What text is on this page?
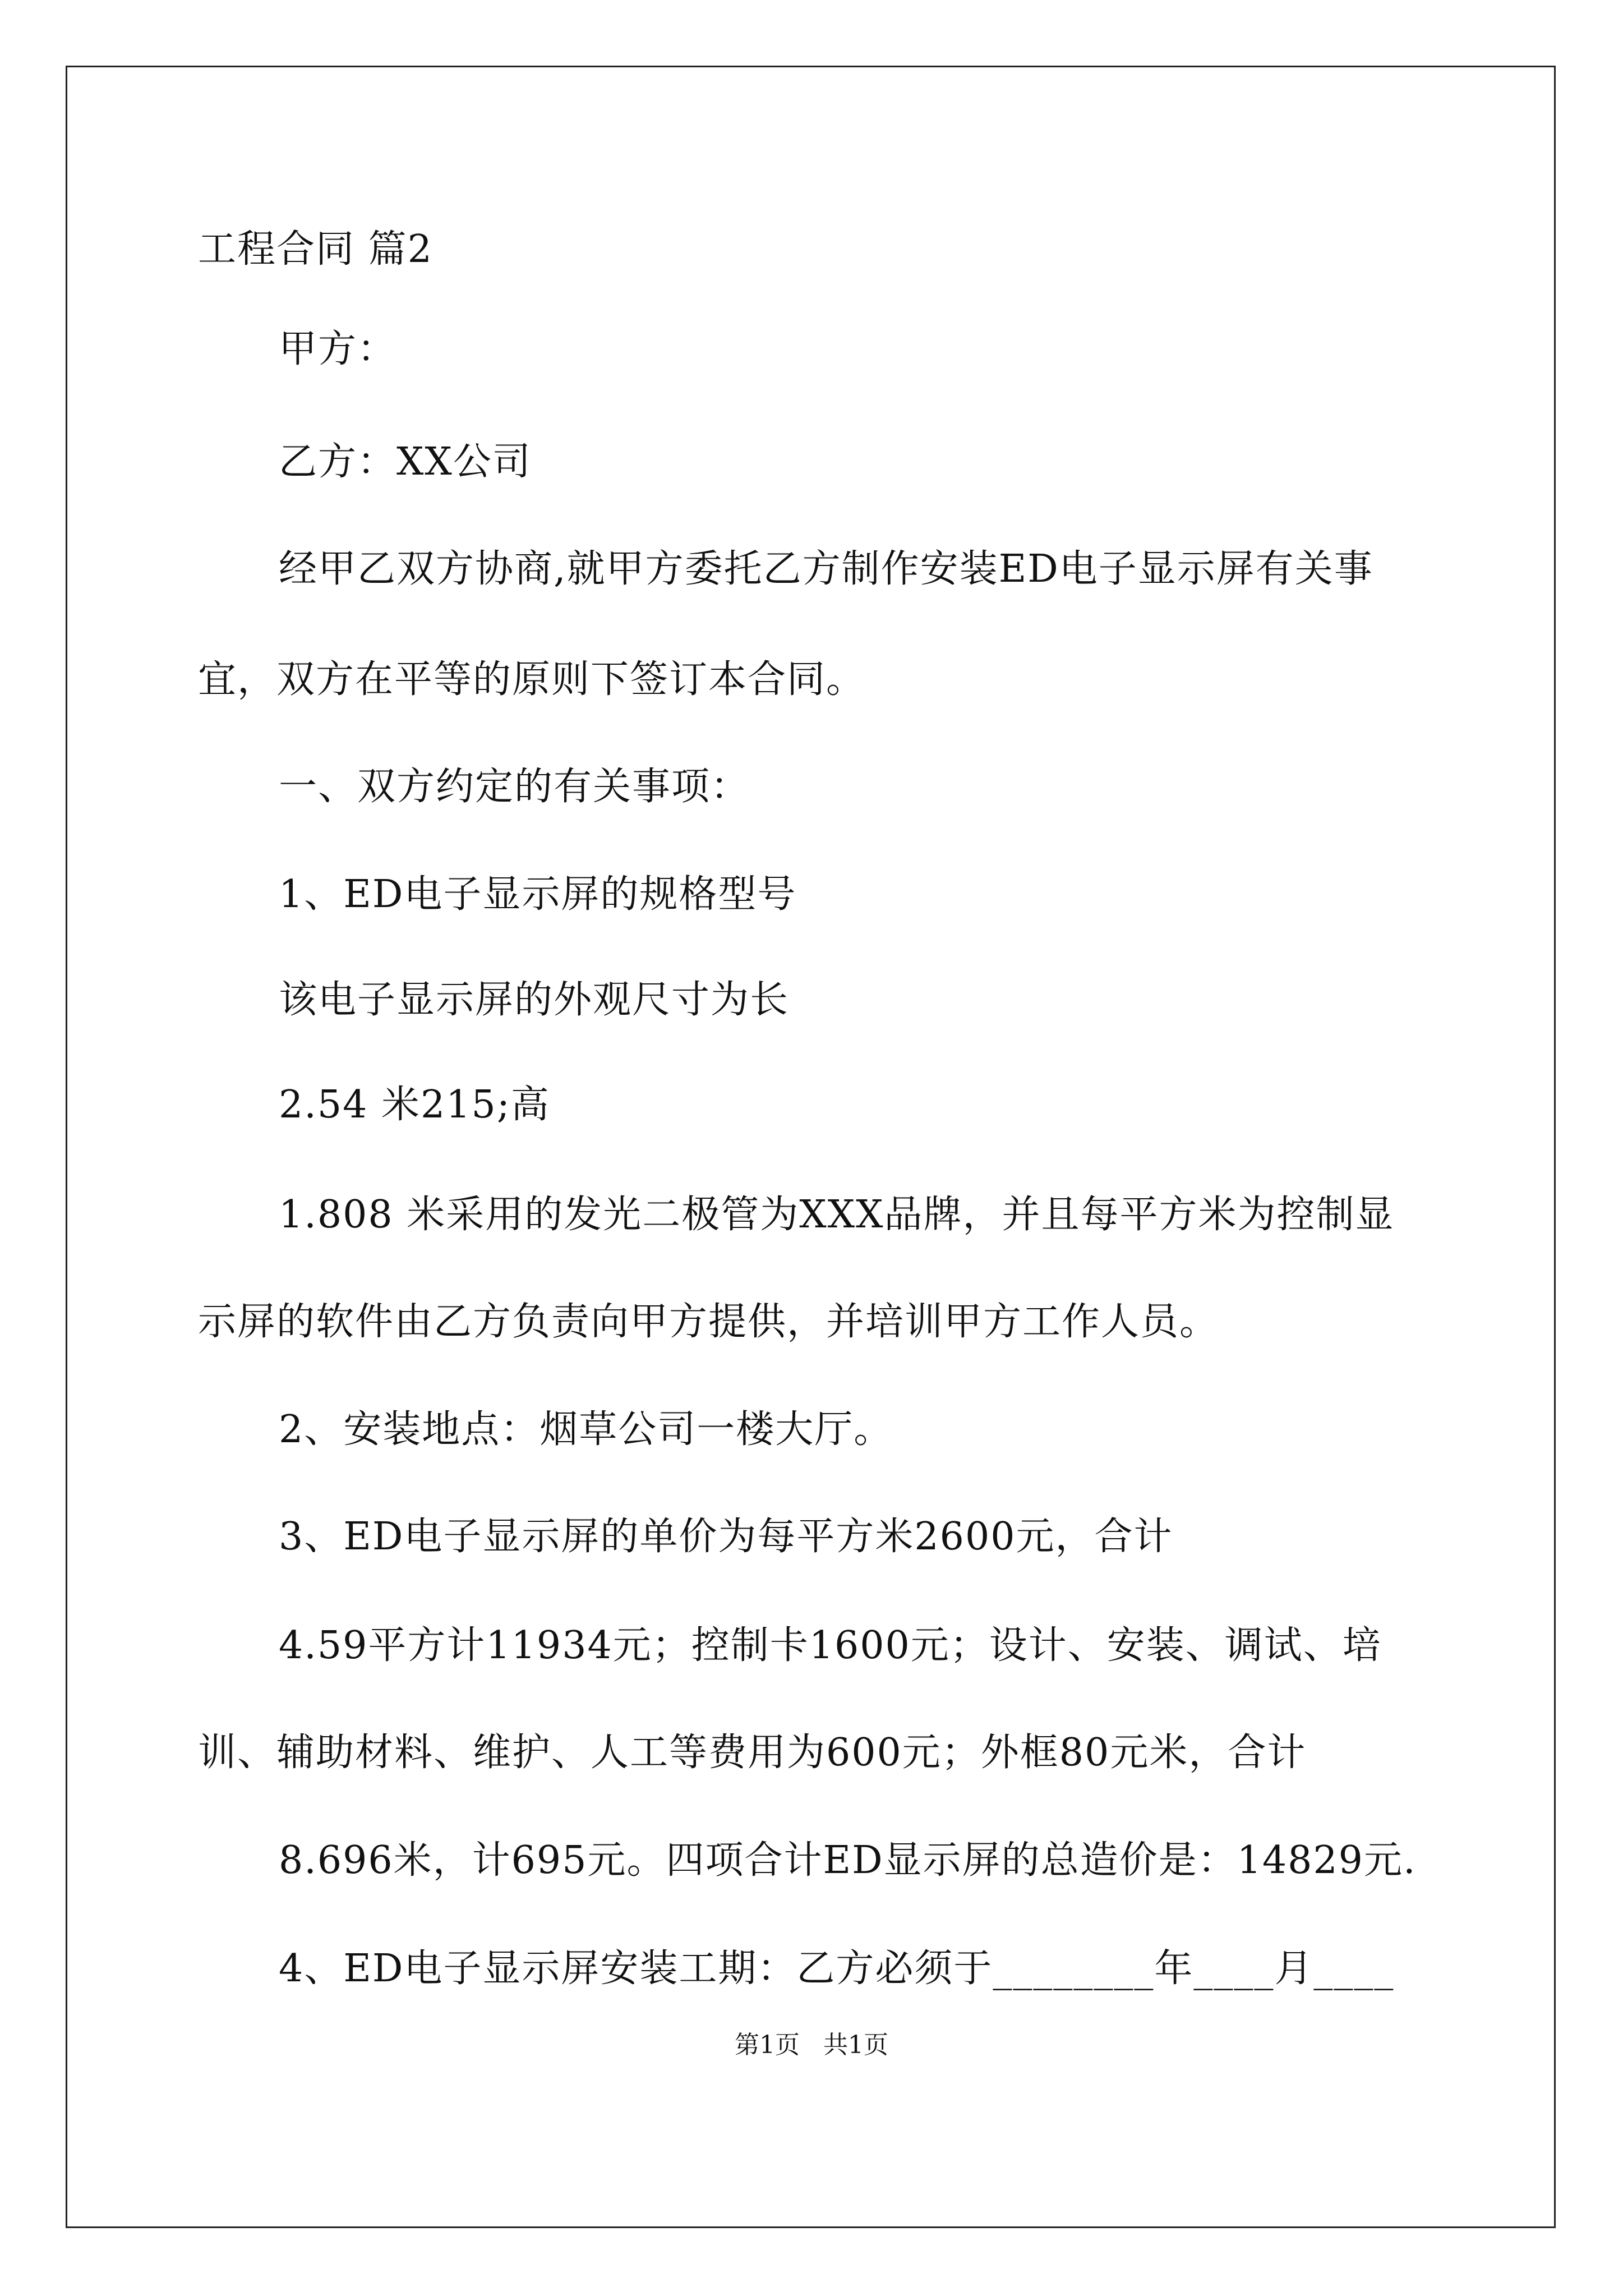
工程合同 篇2

甲方：

乙方：XX公司

经甲乙双方协商,就甲方委托乙方制作安装ED电子显示屏有关事

宜，双方在平等的原则下签订本合同。

一、双方约定的有关事项：

1、ED电子显示屏的规格型号

该电子显示屏的外观尺寸为长

2.54 米215;高

1.808 米采用的发光二极管为XXX品牌，并且每平方米为控制显

示屏的软件由乙方负责向甲方提供，并培训甲方工作人员。

2、安装地点：烟草公司一楼大厅。

3、ED电子显示屏的单价为每平方米2600元，合计

4.59平方计11934元；控制卡1600元；设计、安装、调试、培

训、辅助材料、维护、人工等费用为600元；外框80元米，合计

8.696米，计695元。四项合计ED显示屏的总造价是：14829元.

4、ED电子显示屏安装工期：乙方必须于________年____月____

第1页 共1页
